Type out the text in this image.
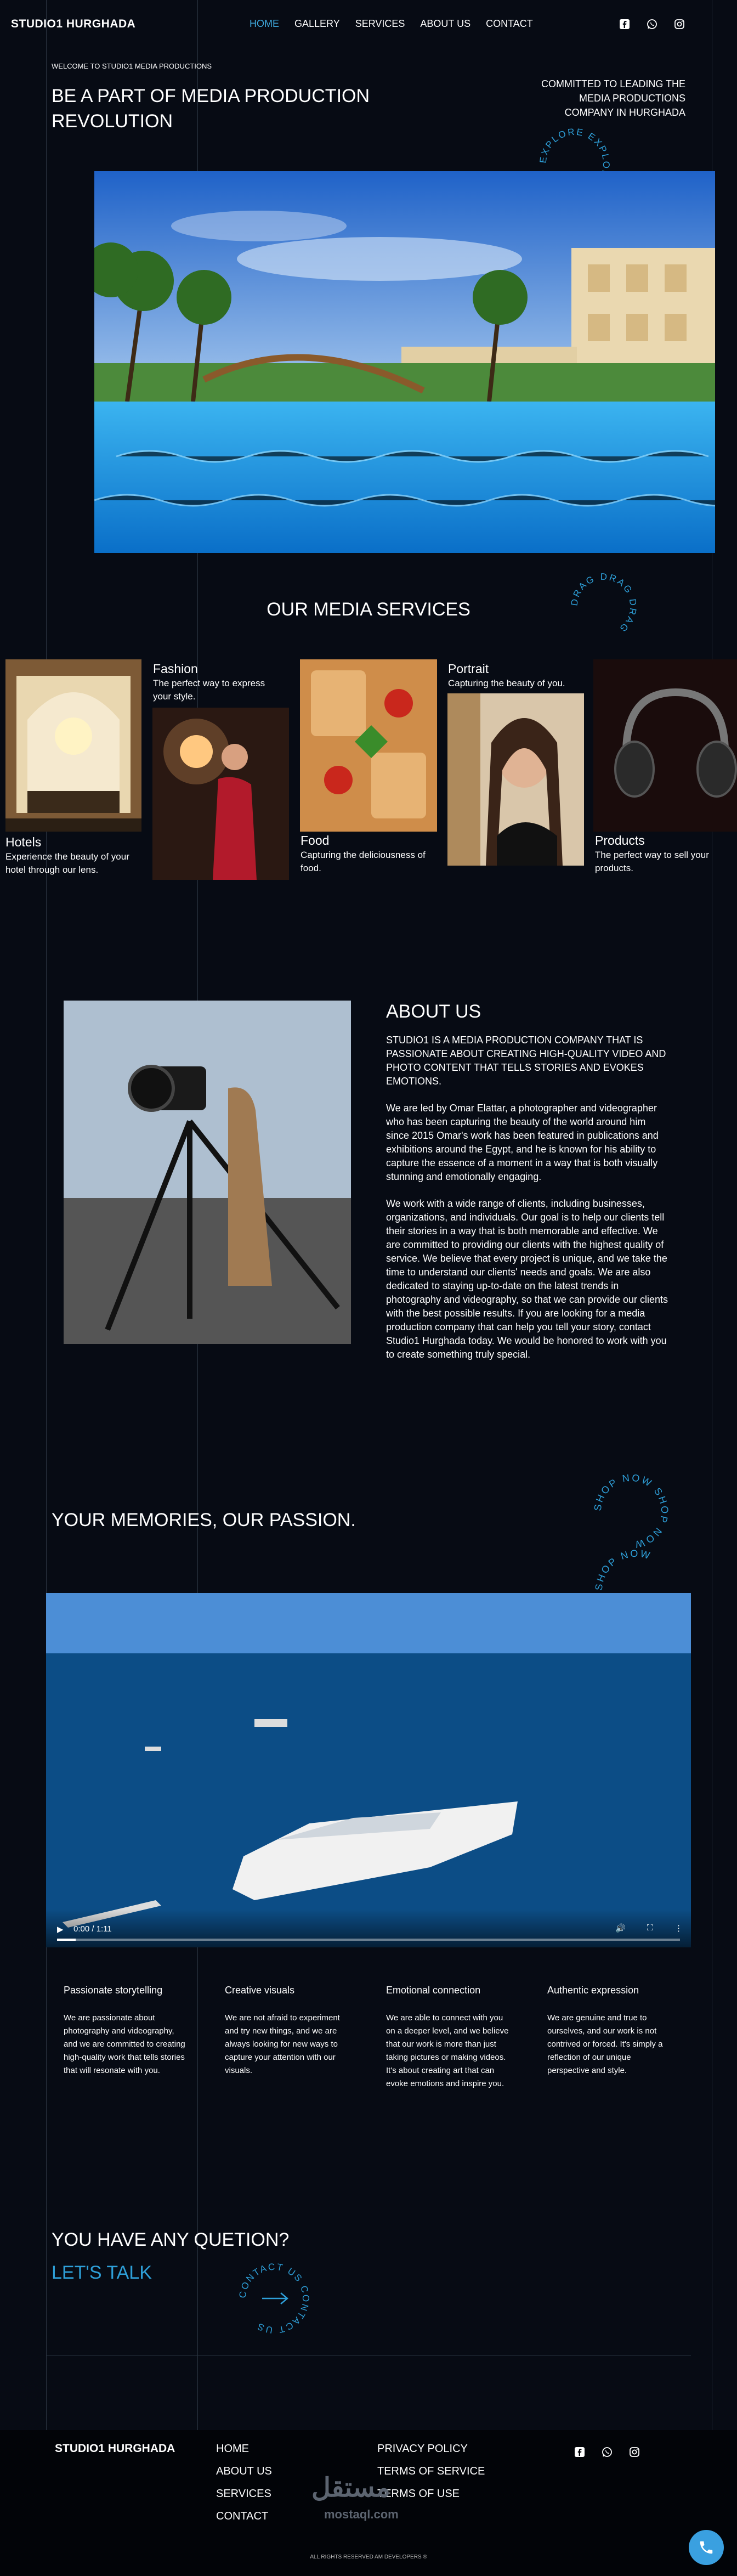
STUDIO1 HURGHADA	HOME GALLERY SERVICES ABOUT US CONTACT
WELCOME TO STUDIO1 MEDIA PRODUCTIONS
BE A PART OF MEDIA PRODUCTION REVOLUTION
COMMITTED TO LEADING THE MEDIA PRODUCTIONS COMPANY IN HURGHADA
EXPLORE EXPLO
OUR MEDIA SERVICES	DRAG DRAG DRAG
Hotels
Experience the beauty of your hotel through our lens.
Fashion
The perfect way to express your style.
Food
Capturing the deliciousness of food.
Portrait
Capturing the beauty of you.
Products
The perfect way to sell your products.
ABOUT US

STUDIO1 IS A MEDIA PRODUCTION COMPANY THAT IS PASSIONATE ABOUT CREATING HIGH-QUALITY VIDEO AND PHOTO CONTENT THAT TELLS STORIES AND EVOKES EMOTIONS.

We are led by Omar Elattar, a photographer and videographer who has been capturing the beauty of the world around him since 2015 Omar's work has been featured in publications and exhibitions around the Egypt, and he is known for his ability to capture the essence of a moment in a way that is both visually stunning and emotionally engaging.

We work with a wide range of clients, including businesses, organizations, and individuals. Our goal is to help our clients tell their stories in a way that is both memorable and effective. We are committed to providing our clients with the highest quality of service. We believe that every project is unique, and we take the time to understand our clients' needs and goals. We are also dedicated to staying up-to-date on the latest trends in photography and videography, so that we can provide our clients with the best possible results. If you are looking for a media production company that can help you tell your story, contact Studio1 Hurghada today. We would be honored to work with you to create something truly special.

YOUR MEMORIES, OUR PASSION.
SHOP NOW SHOP NOW
SHOP NOW
▶ 0:00 / 1:11	🔊	⛶	⋮
Passionate storytelling

We are passionate about photography and videography, and we are committed to creating high-quality work that tells stories that will resonate with you.

Creative visuals

We are not afraid to experiment and try new things, and we are always looking for new ways to capture your attention with our visuals.

Emotional connection

We are able to connect with you on a deeper level, and we believe that our work is more than just taking pictures or making videos. It's about creating art that can evoke emotions and inspire you.

Authentic expression

We are genuine and true to ourselves, and our work is not contrived or forced. It's simply a reflection of our unique perspective and style.

YOU HAVE ANY QUETION?
LET'S TALK
CONTACT US CONTACT US
STUDIO1 HURGHADA	HOME
ABOUT US
SERVICES
CONTACT
PRIVACY POLICY
TERMS OF SERVICE
TERMS OF USE
مستقل
mostaql.com
ALL RIGHTS RESERVED AM DEVELOPERS ®
